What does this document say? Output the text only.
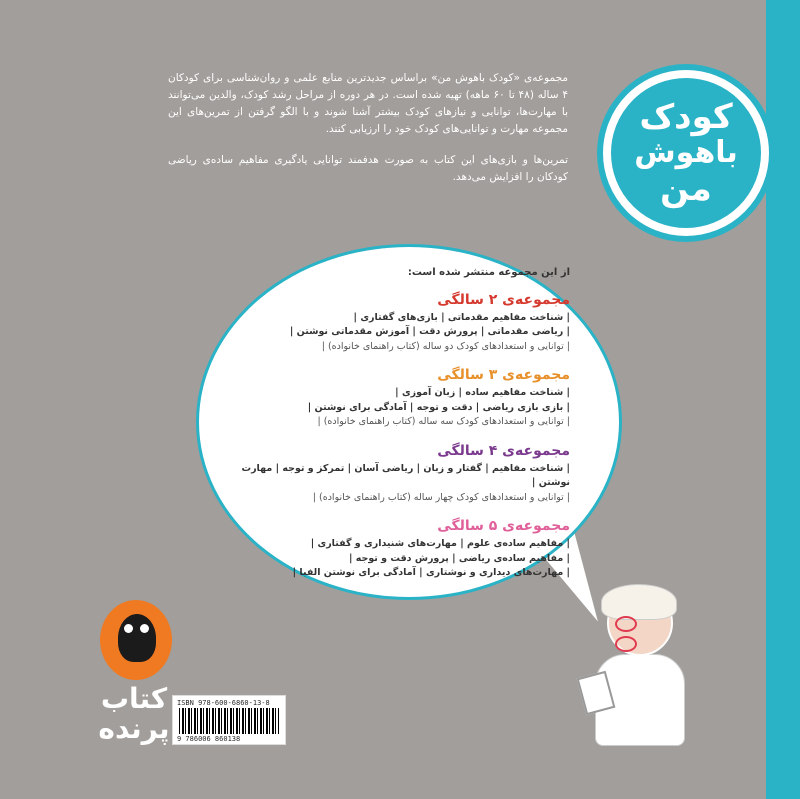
مجموعه‌ی «کودک باهوش من» براساس جدیدترین منابع علمی و روان‌شناسی برای کودکان ۴ ساله (۴۸ تا ۶۰ ماهه) تهیه شده است. در هر دوره از مراحل رشد کودک، والدین می‌توانند با مهارت‌ها، توانایی و نیازهای کودک بیشتر آشنا شوند و با الگو گرفتن از تمرین‌های این مجموعه مهارت و توانایی‌های کودک خود را ارزیابی کنند.

تمرین‌ها و بازی‌های این کتاب به صورت هدفمند توانایی یادگیری مفاهیم ساده‌ی ریاضی کودکان را افزایش می‌دهد.

کودک
باهوش
من
از این مجموعه منتشر شده است:
مجموعه‌ی ۲ سالگی
| شناخت مفاهیم مقدماتی | بازی‌های گفتاری |
| ریاضی مقدماتی | پرورش دقت | آموزش مقدماتی نوشتن |
| توانایی و استعدادهای کودک دو ساله (کتاب راهنمای خانواده) |
مجموعه‌ی ۳ سالگی
| شناخت مفاهیم ساده | زبان آموزی |
| بازی بازی ریاضی | دقت و توجه | آمادگی برای نوشتن |
| توانایی و استعدادهای کودک سه ساله (کتاب راهنمای خانواده) |
مجموعه‌ی ۴ سالگی
| شناخت مفاهیم | گفتار و زبان | ریاضی آسان | تمرکز و توجه | مهارت نوشتن |
| توانایی و استعدادهای کودک چهار ساله (کتاب راهنمای خانواده) |
مجموعه‌ی ۵ سالگی
| مفاهیم ساده‌ی علوم | مهارت‌های شنیداری و گفتاری |
| مفاهیم ساده‌ی ریاضی | پرورش دقت و توجه |
| مهارت‌های دیداری و نوشتاری | آمادگی برای نوشتن الفبا |
کتاب پرنده
ISBN 978-600-6860-13-8
9 786006 860138
